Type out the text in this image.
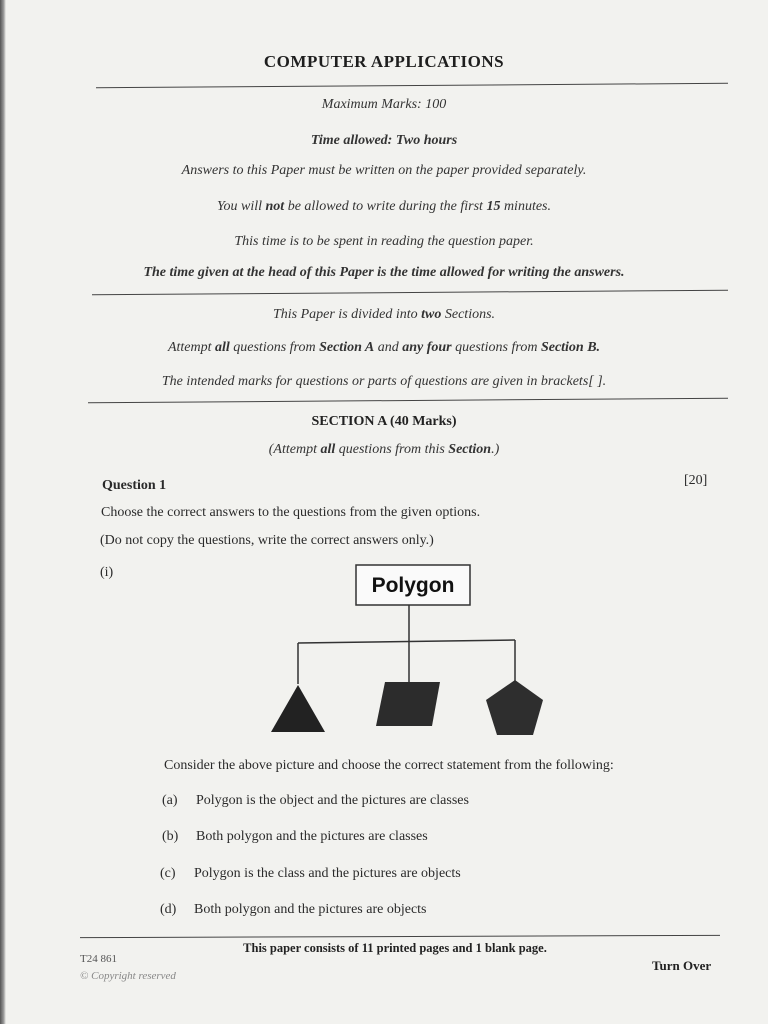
COMPUTER APPLICATIONS
Maximum Marks: 100
Time allowed: Two hours
Answers to this Paper must be written on the paper provided separately.
You will not be allowed to write during the first 15 minutes.
This time is to be spent in reading the question paper.
The time given at the head of this Paper is the time allowed for writing the answers.
This Paper is divided into two Sections.
Attempt all questions from Section A and any four questions from Section B.
The intended marks for questions or parts of questions are given in brackets[ ].
SECTION A (40 Marks)
(Attempt all questions from this Section.)
Question 1	[20]
Choose the correct answers to the questions from the given options.
(Do not copy the questions, write the correct answers only.)
(i)
Polygon
Consider the above picture and choose the correct statement from the following:
(a) Polygon is the object and the pictures are classes
(b) Both polygon and the pictures are classes
(c) Polygon is the class and the pictures are objects
(d) Both polygon and the pictures are objects
This paper consists of 11 printed pages and 1 blank page.
T24 861
© Copyright reserved
Turn Over
